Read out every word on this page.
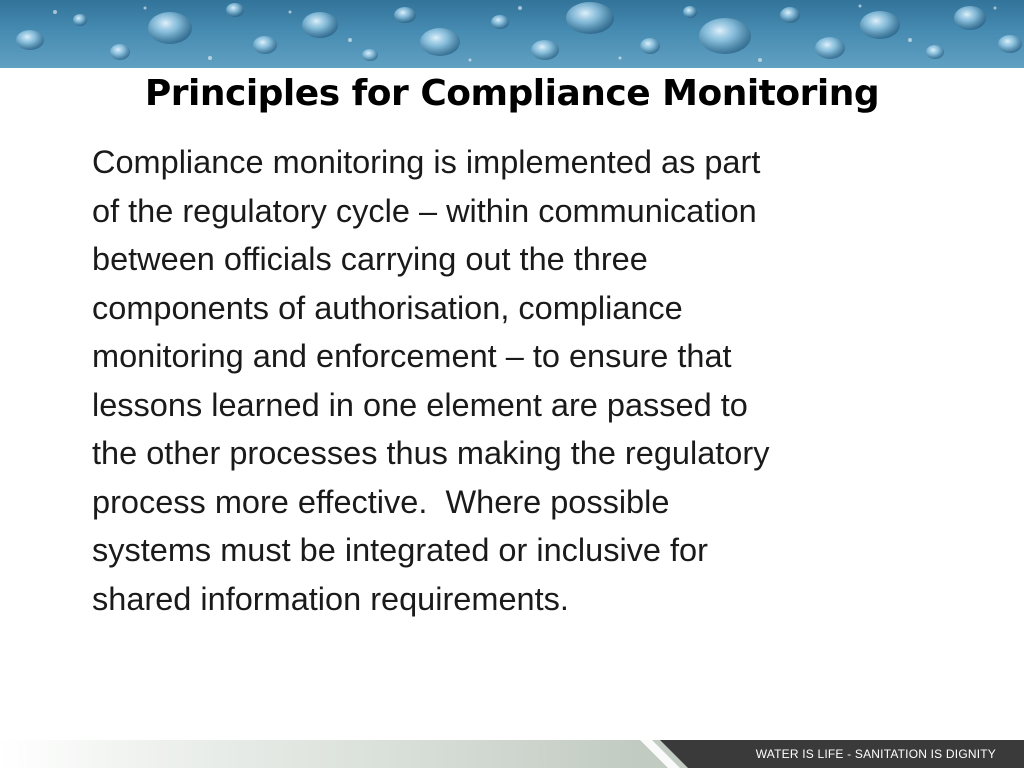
Principles for Compliance Monitoring

Compliance monitoring is implemented as part
of the regulatory cycle – within communication
between officials carrying out the three
components of authorisation, compliance
monitoring and enforcement – to ensure that
lessons learned in one element are passed to
the other processes thus making the regulatory
process more effective.  Where possible
systems must be integrated or inclusive for
shared information requirements.

WATER IS LIFE - SANITATION IS DIGNITY
